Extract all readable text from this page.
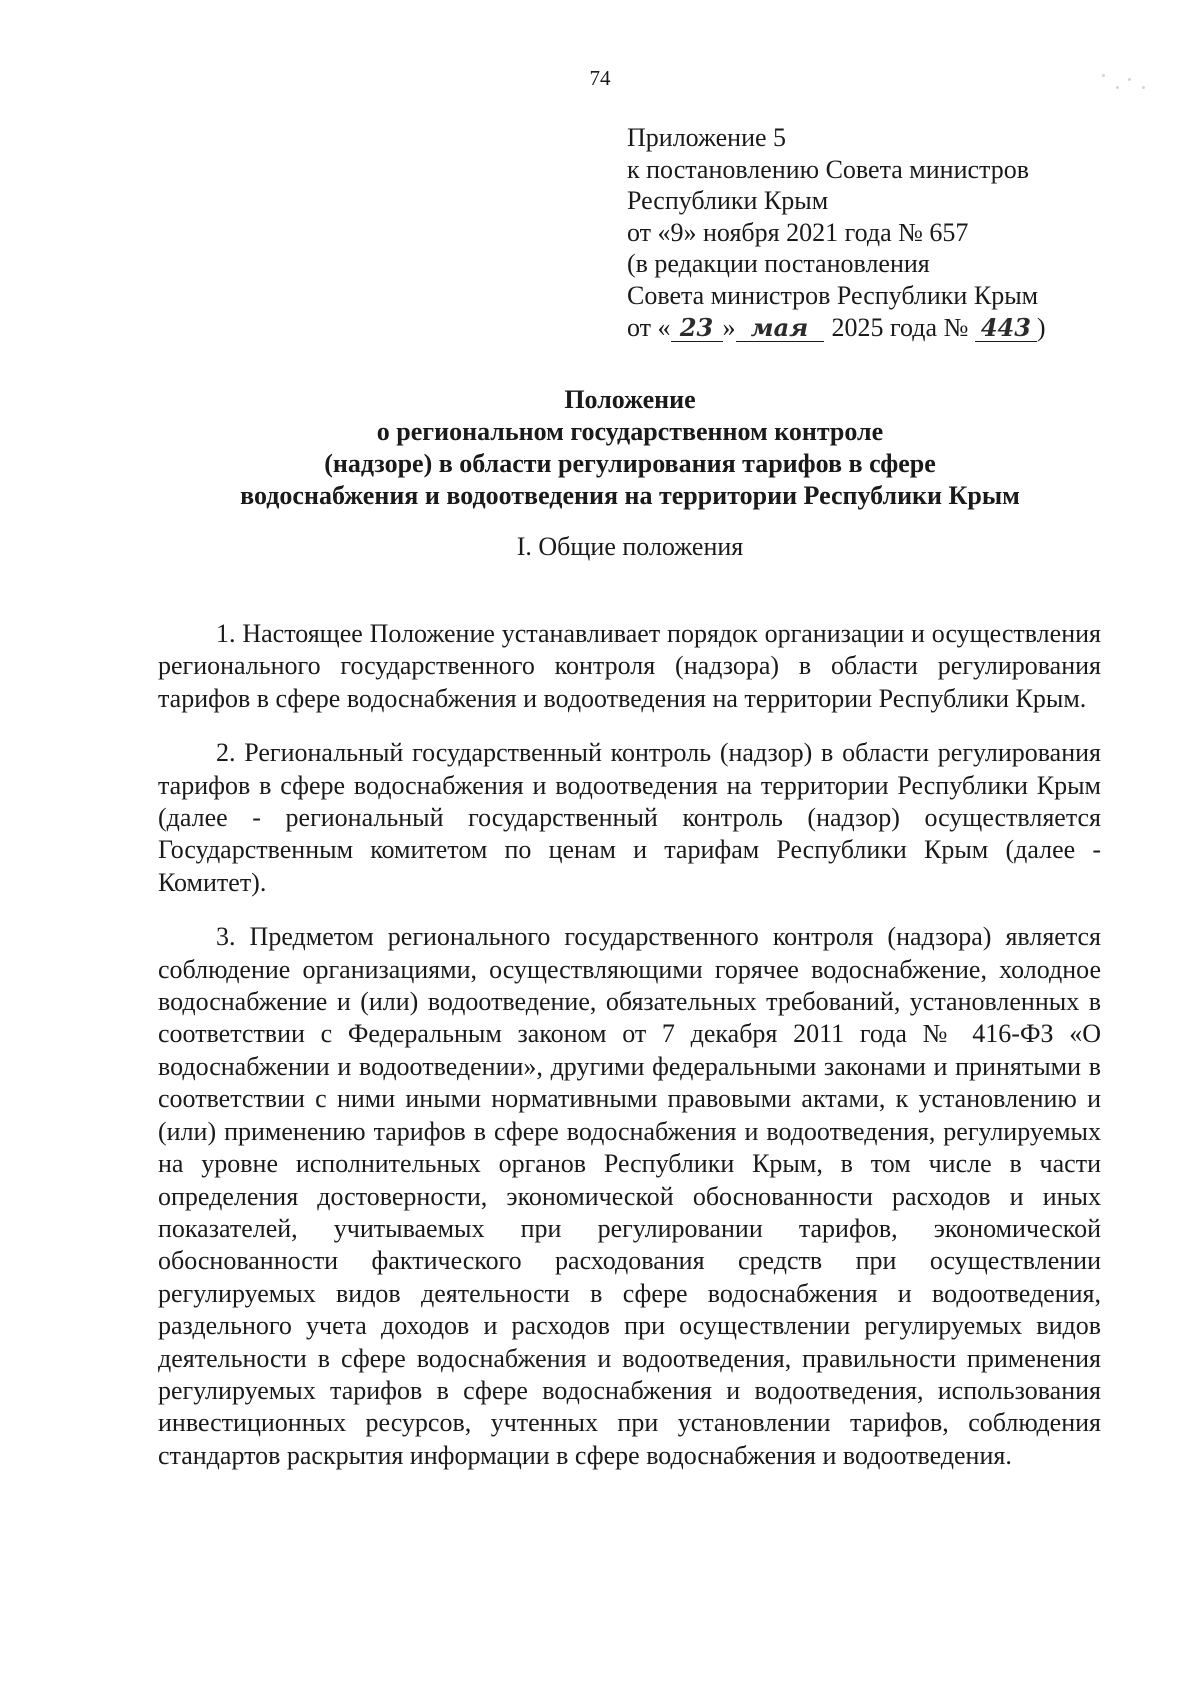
74
Приложение 5
к постановлению Совета министров
Республики Крым
от «9» ноября 2021 года № 657
(в редакции постановления
Совета министров Республики Крым
от « 23 » мая 2025 года № 443 )
Положение
о региональном государственном контроле
(надзоре) в области регулирования тарифов в сфере
водоснабжения и водоотведения на территории Республики Крым
I. Общие положения

1. Настоящее Положение устанавливает порядок организации и осуществления регионального государственного контроля (надзора) в области регулирования тарифов в сфере водоснабжения и водоотведения на территории Республики Крым.

2. Региональный государственный контроль (надзор) в области регулирования тарифов в сфере водоснабжения и водоотведения на территории Республики Крым (далее - региональный государственный контроль (надзор) осуществляется Государственным комитетом по ценам и тарифам Республики Крым (далее - Комитет).

3. Предметом регионального государственного контроля (надзора) является соблюдение организациями, осуществляющими горячее водоснабжение, холодное водоснабжение и (или) водоотведение, обязательных требований, установленных в соответствии с Федеральным законом от 7 декабря 2011 года № 416-ФЗ «О водоснабжении и водоотведении», другими федеральными законами и принятыми в соответствии с ними иными нормативными правовыми актами, к установлению и (или) применению тарифов в сфере водоснабжения и водоотведения, регулируемых на уровне исполнительных органов Республики Крым, в том числе в части определения достоверности, экономической обоснованности расходов и иных показателей, учитываемых при регулировании тарифов, экономической обоснованности фактического расходования средств при осуществлении регулируемых видов деятельности в сфере водоснабжения и водоотведения, раздельного учета доходов и расходов при осуществлении регулируемых видов деятельности в сфере водоснабжения и водоотведения, правильности применения регулируемых тарифов в сфере водоснабжения и водоотведения, использования инвестиционных ресурсов, учтенных при установлении тарифов, соблюдения стандартов раскрытия информации в сфере водоснабжения и водоотведения.
